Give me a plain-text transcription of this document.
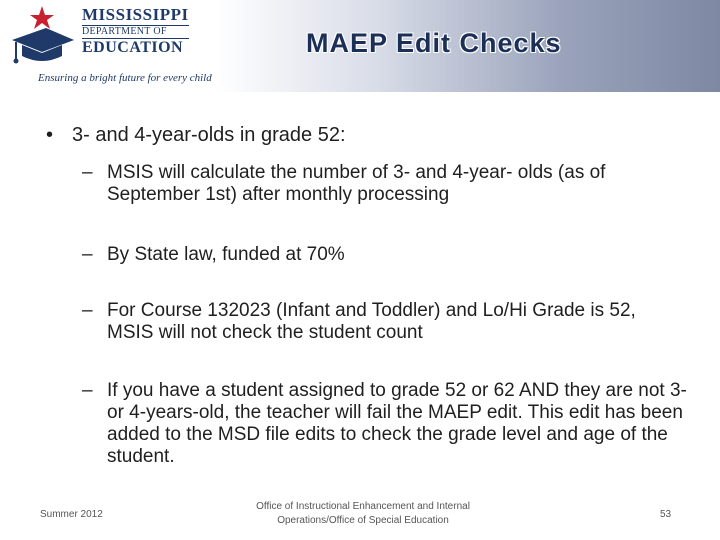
MISSISSIPPI
DEPARTMENT OF
EDUCATION
Ensuring a bright future for every child
MAEP Edit Checks
• 3- and 4-year-olds in grade 52:
– MSIS will calculate the number of 3- and 4-year- olds (as of September 1st) after monthly processing
– By State law, funded at 70%
– For Course 132023 (Infant and Toddler) and Lo/Hi Grade is 52, MSIS will not check the student count
– If you have a student assigned to grade 52 or 62 AND they are not 3- or 4-years-old, the teacher will fail the MAEP edit. This edit has been added to the MSD file edits to check the grade level and age of the student.
Summer 2012
Office of Instructional Enhancement and Internal Operations/Office of Special Education
53
